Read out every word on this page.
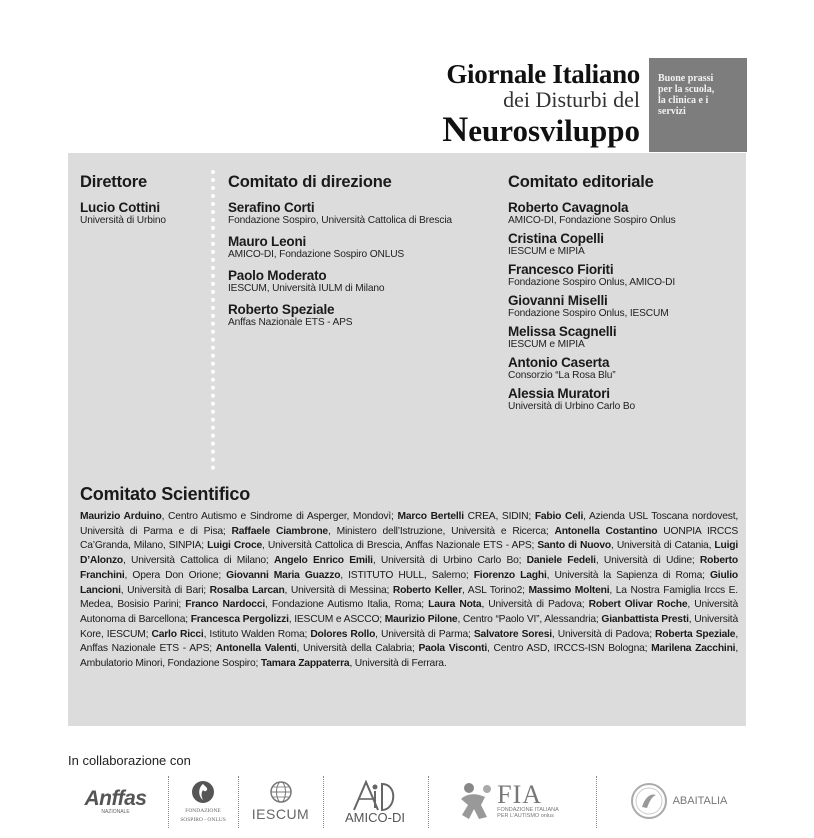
Giornale Italiano
dei Disturbi del
Neurosviluppo
Buone prassi
per la scuola,
la clinica e i
servizi
Direttore
Lucio Cottini
Università di Urbino
Comitato di direzione
Serafino Corti
Fondazione Sospiro, Università Cattolica di Brescia
Mauro Leoni
AMICO-DI, Fondazione Sospiro ONLUS
Paolo Moderato
IESCUM, Università IULM di Milano
Roberto Speziale
Anffas Nazionale ETS - APS
Comitato editoriale
Roberto Cavagnola
AMICO-DI, Fondazione Sospiro Onlus
Cristina Copelli
IESCUM e MIPIA
Francesco Fioriti
Fondazione Sospiro Onlus, AMICO-DI
Giovanni Miselli
Fondazione Sospiro Onlus, IESCUM
Melissa Scagnelli
IESCUM e MIPIA
Antonio Caserta
Consorzio “La Rosa Blu”
Alessia Muratori
Università di Urbino Carlo Bo
Comitato Scientifico
Maurizio Arduino, Centro Autismo e Sindrome di Asperger, Mondovì; Marco Bertelli CREA, SIDIN; Fabio Celi, Azienda USL Toscana nordovest, Università di Parma e di Pisa; Raffaele Ciambrone, Ministero dell’Istruzione, Università e Ricerca; Antonella Costantino UONPIA IRCCS Ca’Granda, Milano, SINPIA; Luigi Croce, Università Cattolica di Brescia, Anffas Nazionale ETS - APS; Santo di Nuovo, Università di Catania, Luigi D’Alonzo, Università Cattolica di Milano; Angelo Enrico Emili, Università di Urbino Carlo Bo; Daniele Fedeli, Università di Udine; Roberto Franchini, Opera Don Orione; Giovanni Maria Guazzo, ISTITUTO HULL, Salerno; Fiorenzo Laghi, Università la Sapienza di Roma; Giulio Lancioni, Università di Bari; Rosalba Larcan, Università di Messina; Roberto Keller, ASL Torino2; Massimo Molteni, La Nostra Famiglia Irccs E. Medea, Bosisio Parini; Franco Nardocci, Fondazione Autismo Italia, Roma; Laura Nota, Università di Padova; Robert Olivar Roche, Università Autonoma di Barcellona; Francesca Pergolizzi, IESCUM e ASCCO; Maurizio Pilone, Centro “Paolo VI”, Alessandria; Gianbattista Presti, Università Kore, IESCUM; Carlo Ricci, Istituto Walden Roma; Dolores Rollo, Università di Parma; Salvatore Soresi, Università di Padova; Roberta Speziale, Anffas Nazionale ETS - APS; Antonella Valenti, Università della Calabria; Paola Visconti, Centro ASD, IRCCS-ISN Bologna; Marilena Zacchini, Ambulatorio Minori, Fondazione Sospiro; Tamara Zappaterra, Università di Ferrara.
In collaborazione con
Anffas
NAZIONALE	FONDAZIONE
SOSPIRO - ONLUS IESCUM	AMICO-DI
FIA
FONDAZIONE ITALIANA
PER L'AUTISMO onlus
ABAITALIA
